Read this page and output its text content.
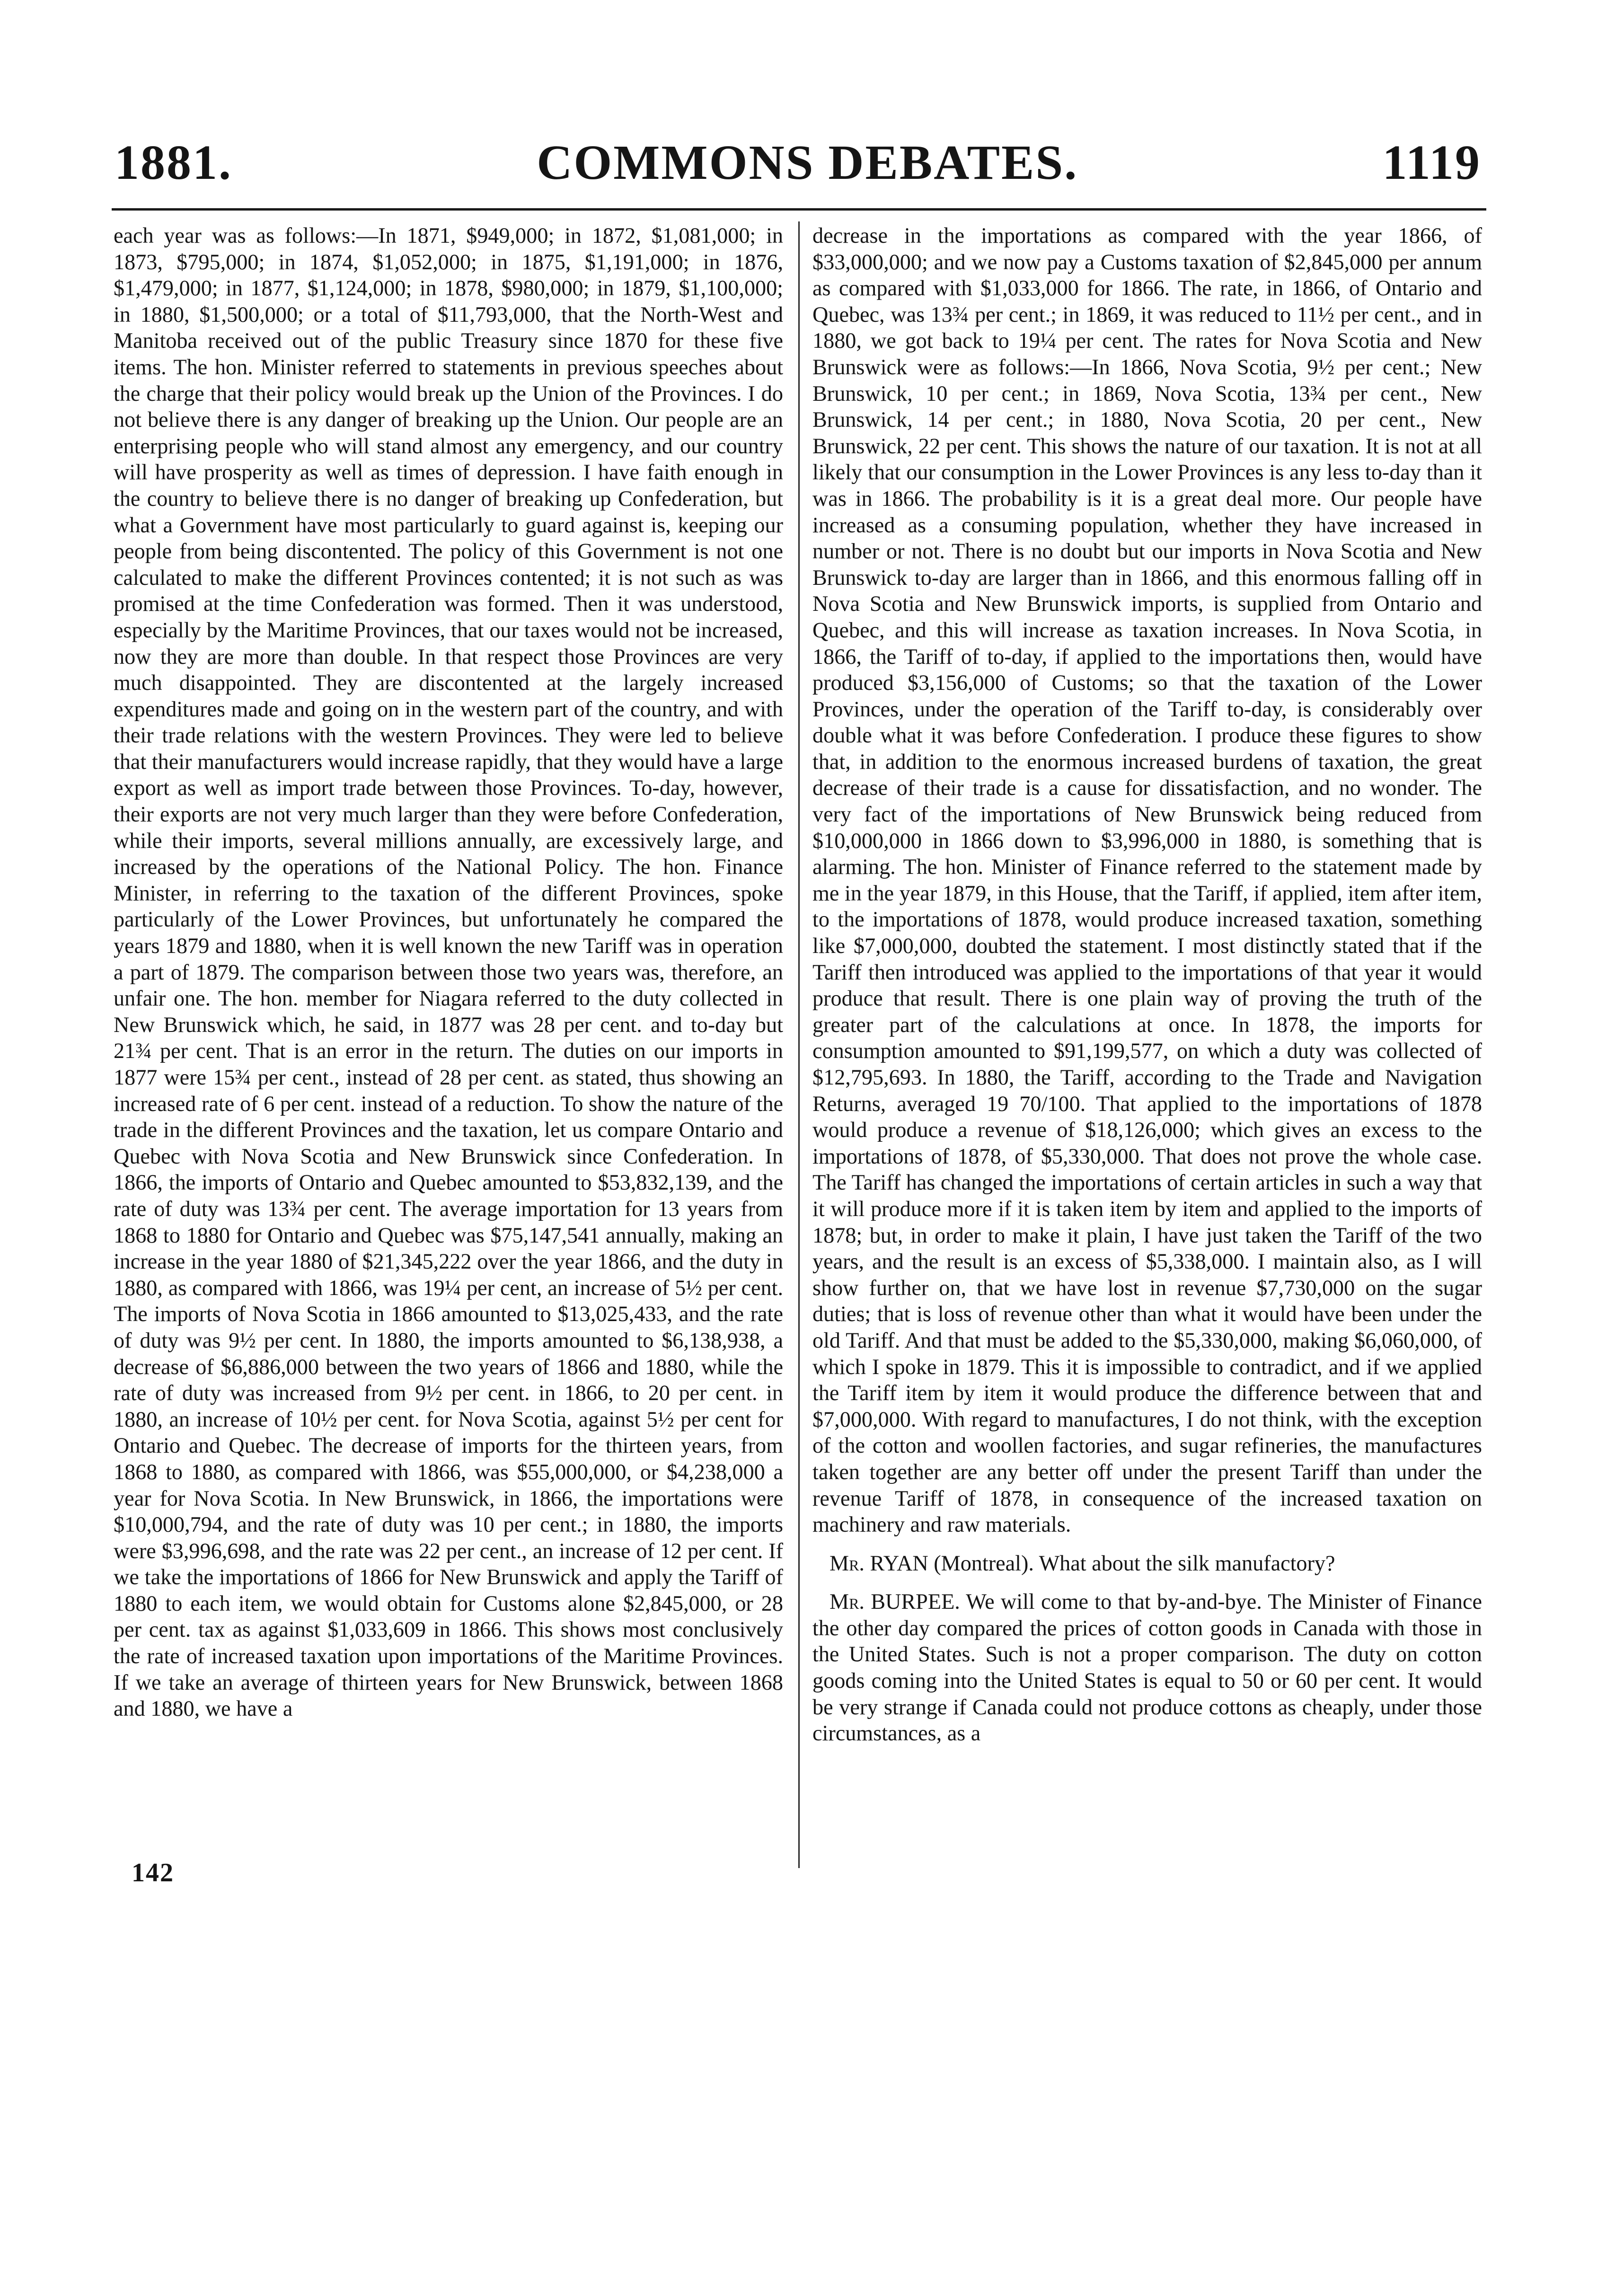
1881.	COMMONS DEBATES.	1119

each year was as follows:—In 1871, $949,000; in 1872, $1,081,000; in 1873, $795,000; in 1874, $1,052,000; in 1875, $1,191,000; in 1876, $1,479,000; in 1877, $1,124,000; in 1878, $980,000; in 1879, $1,100,000; in 1880, $1,500,000; or a total of $11,793,000, that the North-West and Manitoba received out of the public Treasury since 1870 for these five items. The hon. Minister referred to statements in previous speeches about the charge that their policy would break up the Union of the Provinces. I do not believe there is any danger of breaking up the Union. Our people are an enterprising people who will stand almost any emergency, and our country will have prosperity as well as times of depression. I have faith enough in the country to believe there is no danger of breaking up Confederation, but what a Government have most particularly to guard against is, keeping our people from being discontented. The policy of this Government is not one calculated to make the different Provinces contented; it is not such as was promised at the time Confederation was formed. Then it was understood, especially by the Maritime Provinces, that our taxes would not be increased, now they are more than double. In that respect those Provinces are very much disappointed. They are discontented at the largely increased expenditures made and going on in the western part of the country, and with their trade relations with the western Provinces. They were led to believe that their manufacturers would increase rapidly, that they would have a large export as well as import trade between those Provinces. To-day, however, their exports are not very much larger than they were before Confederation, while their imports, several millions annually, are excessively large, and increased by the operations of the National Policy. The hon. Finance Minister, in referring to the taxation of the different Provinces, spoke particularly of the Lower Provinces, but unfortunately he compared the years 1879 and 1880, when it is well known the new Tariff was in operation a part of 1879. The comparison between those two years was, therefore, an unfair one. The hon. member for Niagara referred to the duty collected in New Brunswick which, he said, in 1877 was 28 per cent. and to-day but 21¾ per cent. That is an error in the return. The duties on our imports in 1877 were 15¾ per cent., instead of 28 per cent. as stated, thus showing an increased rate of 6 per cent. instead of a reduction. To show the nature of the trade in the different Provinces and the taxation, let us compare Ontario and Quebec with Nova Scotia and New Brunswick since Confederation. In 1866, the imports of Ontario and Quebec amounted to $53,832,139, and the rate of duty was 13¾ per cent. The average importation for 13 years from 1868 to 1880 for Ontario and Quebec was $75,147,541 annually, making an increase in the year 1880 of $21,345,222 over the year 1866, and the duty in 1880, as compared with 1866, was 19¼ per cent, an increase of 5½ per cent. The imports of Nova Scotia in 1866 amounted to $13,025,433, and the rate of duty was 9½ per cent. In 1880, the imports amounted to $6,138,938, a decrease of $6,886,000 between the two years of 1866 and 1880, while the rate of duty was increased from 9½ per cent. in 1866, to 20 per cent. in 1880, an increase of 10½ per cent. for Nova Scotia, against 5½ per cent for Ontario and Quebec. The decrease of imports for the thirteen years, from 1868 to 1880, as compared with 1866, was $55,000,000, or $4,238,000 a year for Nova Scotia. In New Brunswick, in 1866, the importations were $10,000,794, and the rate of duty was 10 per cent.; in 1880, the imports were $3,996,698, and the rate was 22 per cent., an increase of 12 per cent. If we take the importations of 1866 for New Brunswick and apply the Tariff of 1880 to each item, we would obtain for Customs alone $2,845,000, or 28 per cent. tax as against $1,033,609 in 1866. This shows most conclusively the rate of increased taxation upon importations of the Maritime Provinces. If we take an average of thirteen years for New Brunswick, between 1868 and 1880, we have a

decrease in the importations as compared with the year 1866, of $33,000,000; and we now pay a Customs taxation of $2,845,000 per annum as compared with $1,033,000 for 1866. The rate, in 1866, of Ontario and Quebec, was 13¾ per cent.; in 1869, it was reduced to 11½ per cent., and in 1880, we got back to 19¼ per cent. The rates for Nova Scotia and New Brunswick were as follows:—In 1866, Nova Scotia, 9½ per cent.; New Brunswick, 10 per cent.; in 1869, Nova Scotia, 13¾ per cent., New Brunswick, 14 per cent.; in 1880, Nova Scotia, 20 per cent., New Brunswick, 22 per cent. This shows the nature of our taxation. It is not at all likely that our consumption in the Lower Provinces is any less to-day than it was in 1866. The probability is it is a great deal more. Our people have increased as a consuming population, whether they have increased in number or not. There is no doubt but our imports in Nova Scotia and New Brunswick to-day are larger than in 1866, and this enormous falling off in Nova Scotia and New Brunswick imports, is supplied from Ontario and Quebec, and this will increase as taxation increases. In Nova Scotia, in 1866, the Tariff of to-day, if applied to the importations then, would have produced $3,156,000 of Customs; so that the taxation of the Lower Provinces, under the operation of the Tariff to-day, is considerably over double what it was before Confederation. I produce these figures to show that, in addition to the enormous increased burdens of taxation, the great decrease of their trade is a cause for dissatisfaction, and no wonder. The very fact of the importations of New Brunswick being reduced from $10,000,000 in 1866 down to $3,996,000 in 1880, is something that is alarming. The hon. Minister of Finance referred to the statement made by me in the year 1879, in this House, that the Tariff, if applied, item after item, to the importations of 1878, would produce increased taxation, something like $7,000,000, doubted the statement. I most distinctly stated that if the Tariff then introduced was applied to the importations of that year it would produce that result. There is one plain way of proving the truth of the greater part of the calculations at once. In 1878, the imports for consumption amounted to $91,199,577, on which a duty was collected of $12,795,693. In 1880, the Tariff, according to the Trade and Navigation Returns, averaged 19 70/100. That applied to the importations of 1878 would produce a revenue of $18,126,000; which gives an excess to the importations of 1878, of $5,330,000. That does not prove the whole case. The Tariff has changed the importations of certain articles in such a way that it will produce more if it is taken item by item and applied to the imports of 1878; but, in order to make it plain, I have just taken the Tariff of the two years, and the result is an excess of $5,338,000. I maintain also, as I will show further on, that we have lost in revenue $7,730,000 on the sugar duties; that is loss of revenue other than what it would have been under the old Tariff. And that must be added to the $5,330,000, making $6,060,000, of which I spoke in 1879. This it is impossible to contradict, and if we applied the Tariff item by item it would produce the difference between that and $7,000,000. With regard to manufactures, I do not think, with the exception of the cotton and woollen factories, and sugar refineries, the manufactures taken together are any better off under the present Tariff than under the revenue Tariff of 1878, in consequence of the increased taxation on machinery and raw materials.

Mr. RYAN (Montreal). What about the silk manufactory?

Mr. BURPEE. We will come to that by-and-bye. The Minister of Finance the other day compared the prices of cotton goods in Canada with those in the United States. Such is not a proper comparison. The duty on cotton goods coming into the United States is equal to 50 or 60 per cent. It would be very strange if Canada could not produce cottons as cheaply, under those circumstances, as a

142
